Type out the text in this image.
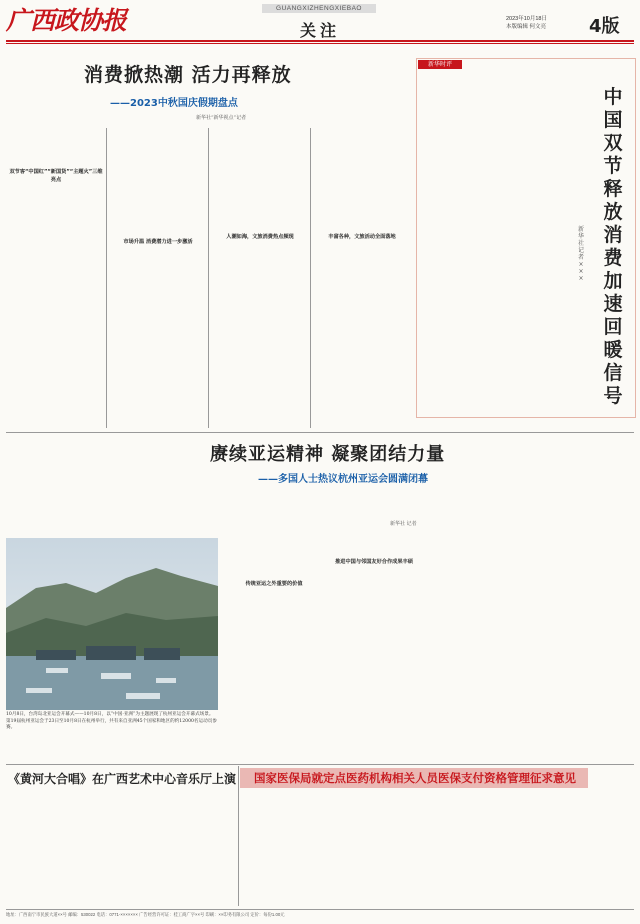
广西政协报	GUANGXIZHENGXIEBAO
关注
2023年10月18日
本版编辑 何文亮	4版
消费掀热潮 活力再释放
——2023中秋国庆假期盘点
新华社“新华视点”记者
双节客“中国红”“新国货”“主题火”三维亮点
市场升温 消费潜力进一步激活
人潮如海，文旅消费热点频现	丰富各种，文旅活动全面落地
新华时评
中国双节释放消费加速回暖信号
新华社记者 ×××
赓续亚运精神 凝聚团结力量
——多国人士热议杭州亚运会圆满闭幕
10月8日，台湾岛北亚运会开幕式——10月8日，以“中国·亚洲”为主题展现了杭州亚运会开幕式场景。第19届杭州亚运会于23日至10月8日在杭州举行，共有来自亚洲45个国家和地区的约12000名运动员参赛。
新华社 记者
传统亚运之外重要的价值
推进中国与邻国友好合作成果丰硕
《黄河大合唱》在广西艺术中心音乐厅上演	国家医保局就定点医药机构相关人员医保支付资格管理征求意见
地址：广西南宁市民族大道××号 邮编：530022 电话：0771-××××××× 广告经营许可证：桂工商广字××号 印刷：××印务有限公司 定价：每份1.00元
